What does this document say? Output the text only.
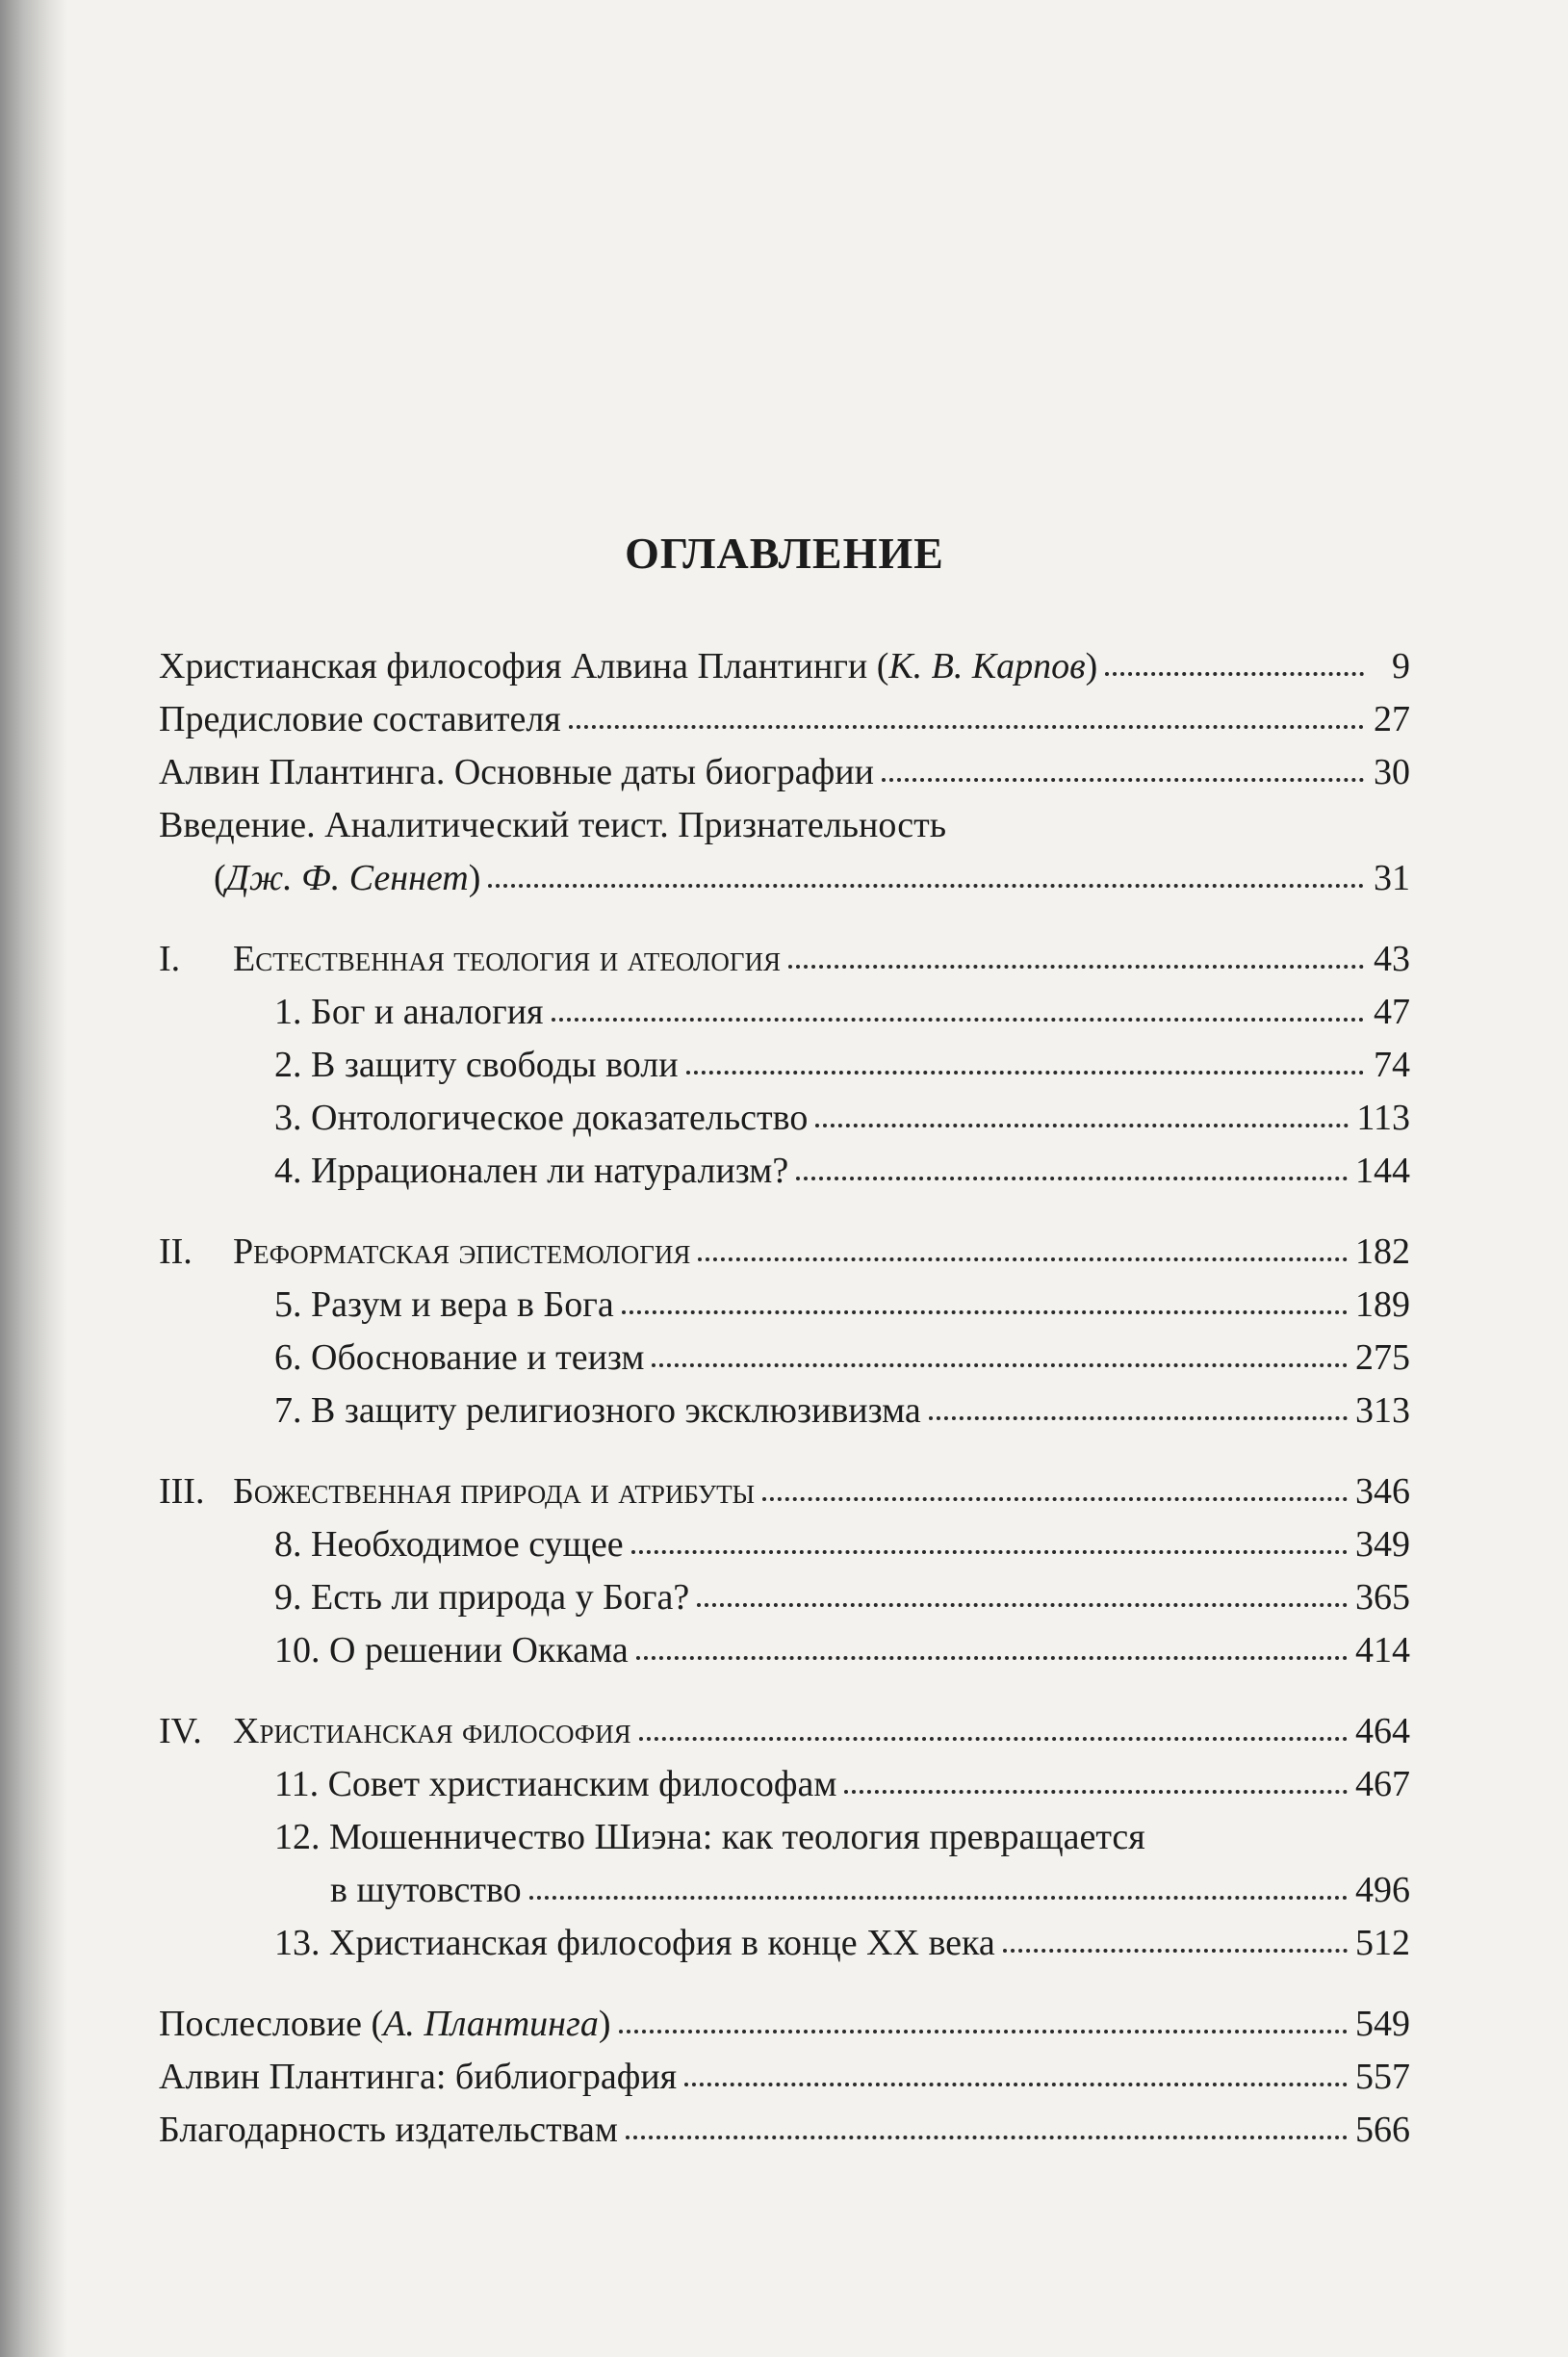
ОГЛАВЛЕНИЕ
Христианская философия Алвина Плантинги (К. В. Карпов)	9
Предисловие составителя	27
Алвин Плантинга. Основные даты биографии	30
Введение. Аналитический теист. Признательность
(Дж. Ф. Сеннет)	31
I.	Естественная теология и атеология	43
1. Бог и аналогия	47
2. В защиту свободы воли	74
3. Онтологическое доказательство	113
4. Иррационален ли натурализм?	144
II.	Реформатская эпистемология	182
5. Разум и вера в Бога	189
6. Обоснование и теизм	275
7. В защиту религиозного эксклюзивизма	313
III. Божественная природа и атрибуты	346
8. Необходимое сущее	349
9. Есть ли природа у Бога?	365
10. О решении Оккама	414
IV. Христианская философия	464
11. Совет христианским философам	467
12. Мошенничество Шиэна: как теология превращается
в шутовство	496
13. Христианская философия в конце XX века	512
Послесловие (А. Плантинга)	549
Алвин Плантинга: библиография	557
Благодарность издательствам	566
